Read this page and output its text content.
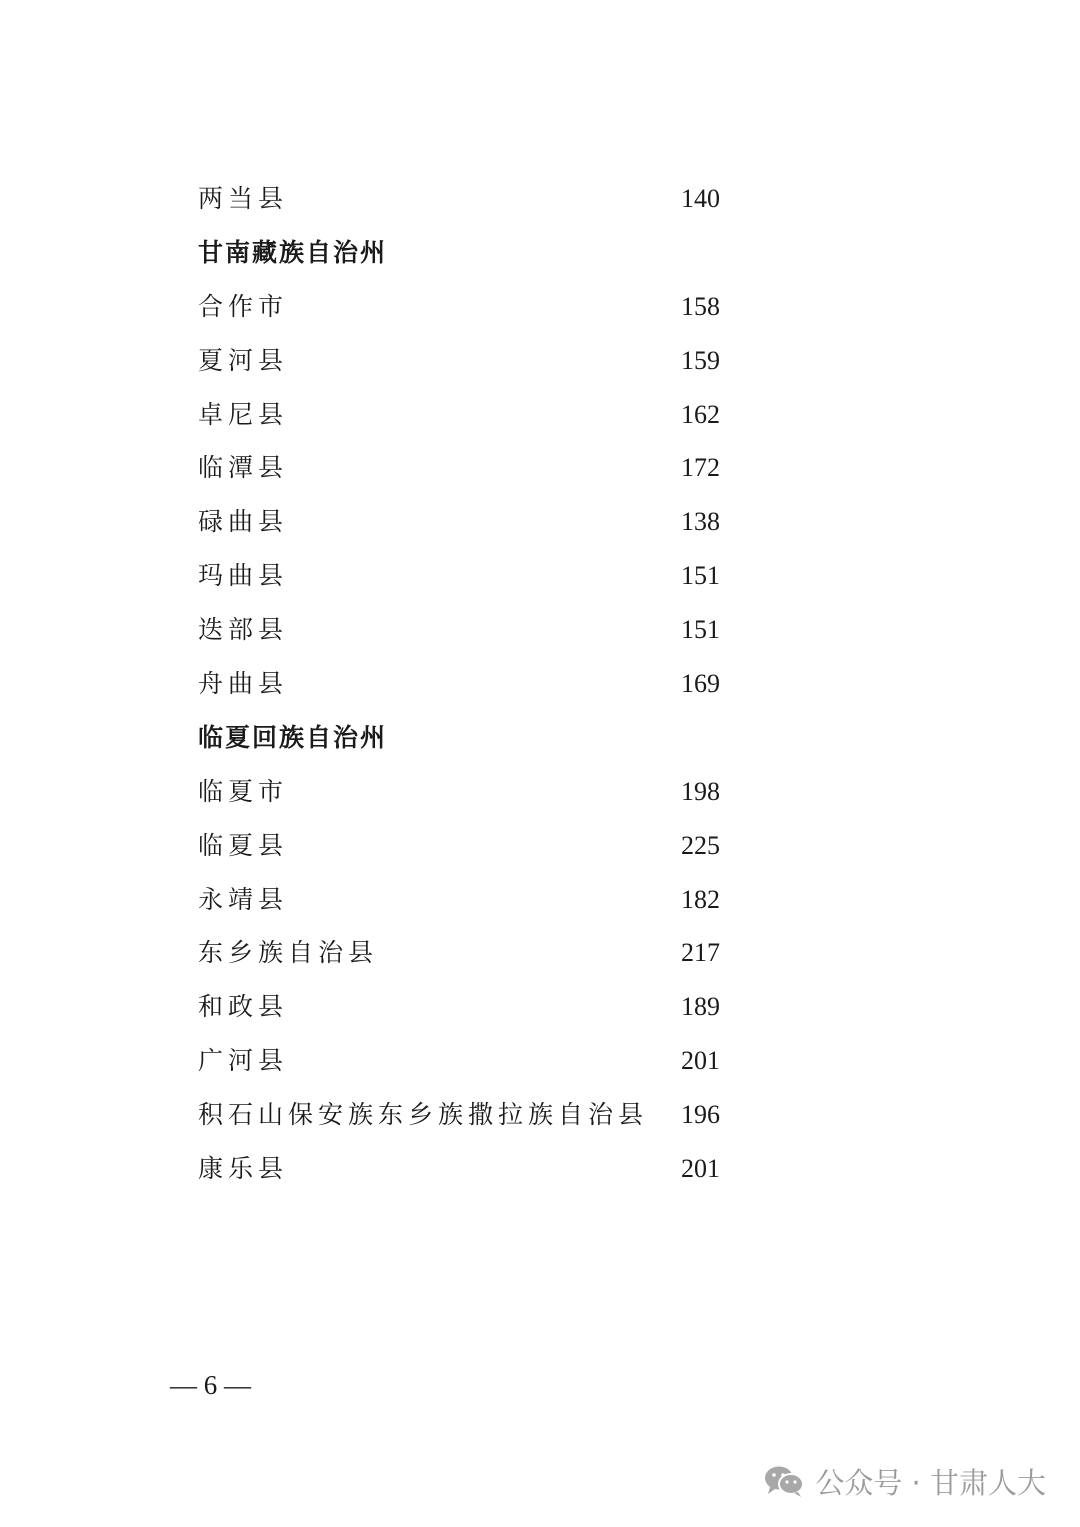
两当县	140
甘南藏族自治州
合作市	158
夏河县	159
卓尼县	162
临潭县	172
碌曲县	138
玛曲县	151
迭部县	151
舟曲县	169
临夏回族自治州
临夏市	198
临夏县	225
永靖县	182
东乡族自治县	217
和政县	189
广河县	201
积石山保安族东乡族撒拉族自治县 196
康乐县	201
— 6 —
公众号 · 甘肃人大
